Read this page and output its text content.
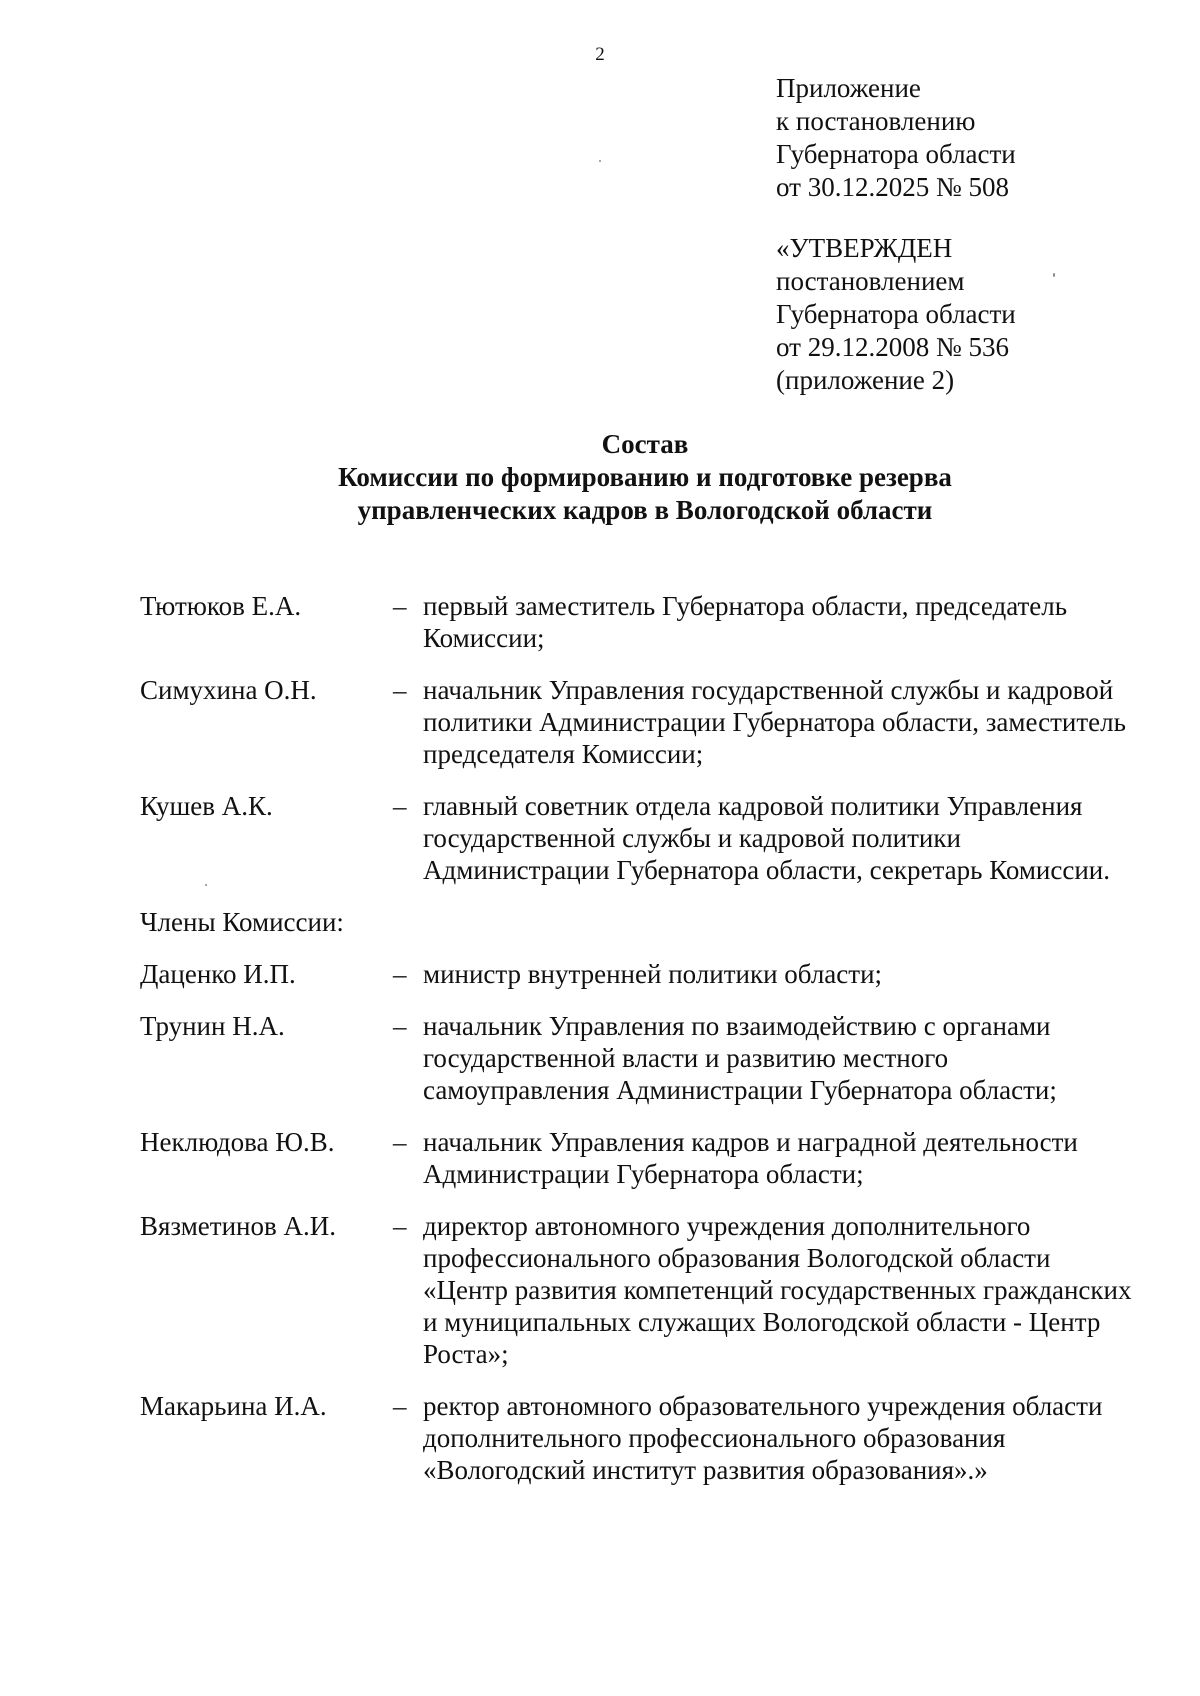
2
Приложение
к постановлению
Губернатора области
от 30.12.2025 № 508
«УТВЕРЖДЕН
постановлением
Губернатора области
от 29.12.2008 № 536
(приложение 2)
Состав
Комиссии по формированию и подготовке резерва
управленческих кадров в Вологодской области
Тютюков Е.А.	– первый заместитель Губернатора области, председатель Комиссии;
Симухина О.Н.	– начальник Управления государственной службы и кадровой политики Администрации Губернатора области, заместитель председателя Комиссии;
Кушев А.К.	– главный советник отдела кадровой политики Управления государственной службы и кадровой политики Администрации Губернатора области, секретарь Комиссии.
Члены Комиссии:
Даценко И.П.	– министр внутренней политики области;
Трунин Н.А.	– начальник Управления по взаимодействию с органами государственной власти и развитию местного самоуправления Администрации Губернатора области;
Неклюдова Ю.В.	– начальник Управления кадров и наградной деятельности Администрации Губернатора области;
Вязметинов А.И.	– директор автономного учреждения дополнительного профессионального образования Вологодской области «Центр развития компетенций государственных гражданских и муниципальных служащих Вологодской области - Центр Роста»;
Макарьина И.А.	– ректор автономного образовательного учреждения области дополнительного профессионального образования «Вологодский институт развития образования».»
